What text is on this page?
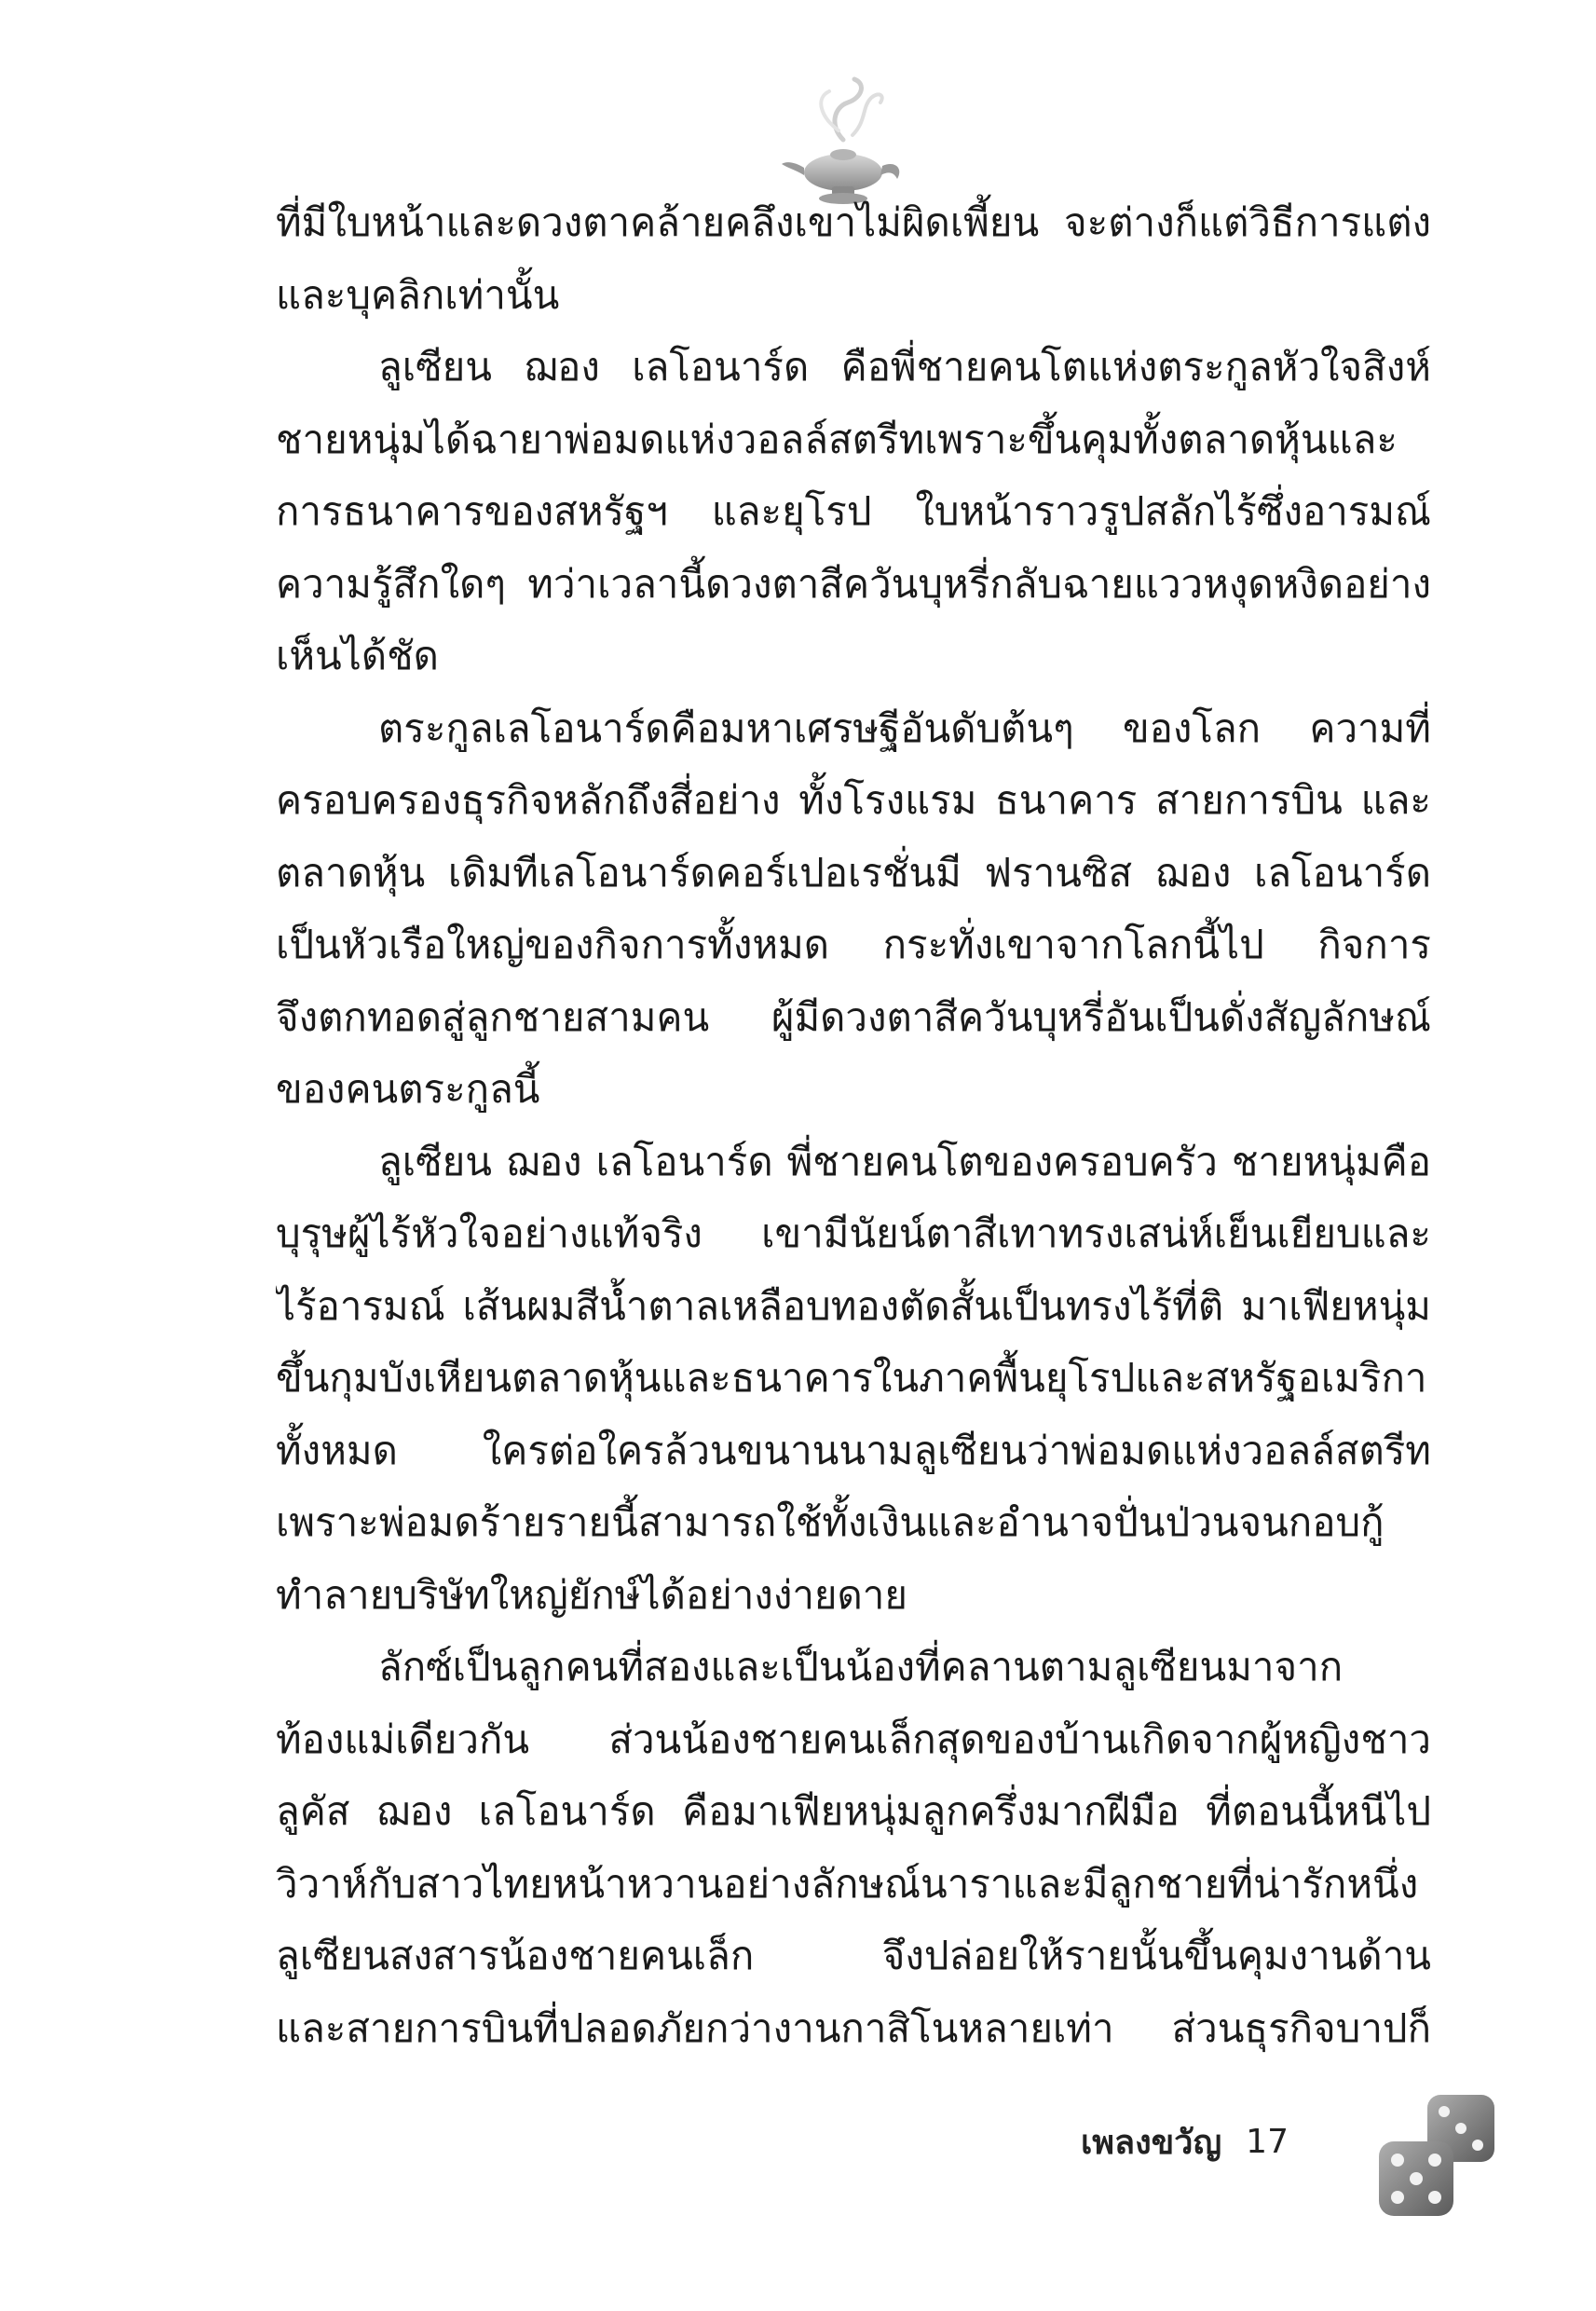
ที่มีใบหน้าและดวงตาคล้ายคลึงเขาไม่ผิดเพี้ยน จะต่างก็แต่วิธีการแต่ง
และบุคลิกเท่านั้น
ลูเซียน ฌอง เลโอนาร์ด คือพี่ชายคนโตแห่งตระกูลหัวใจสิงห์
ชายหนุ่มได้ฉายาพ่อมดแห่งวอลล์สตรีทเพราะขึ้นคุมทั้งตลาดหุ้นและ
การธนาคารของสหรัฐฯ และยุโรป ใบหน้าราวรูปสลักไร้ซึ่งอารมณ์
ความรู้สึกใดๆ ทว่าเวลานี้ดวงตาสีควันบุหรี่กลับฉายแววหงุดหงิดอย่าง
เห็นได้ชัด
ตระกูลเลโอนาร์ดคือมหาเศรษฐีอันดับต้นๆ ของโลก ความที่
ครอบครองธุรกิจหลักถึงสี่อย่าง ทั้งโรงแรม ธนาคาร สายการบิน และ
ตลาดหุ้น เดิมทีเลโอนาร์ดคอร์เปอเรชั่นมี ฟรานซิส ฌอง เลโอนาร์ด
เป็นหัวเรือใหญ่ของกิจการทั้งหมด กระทั่งเขาจากโลกนี้ไป กิจการ
จึงตกทอดสู่ลูกชายสามคน ผู้มีดวงตาสีควันบุหรี่อันเป็นดั่งสัญลักษณ์
ของคนตระกูลนี้
ลูเซียน ฌอง เลโอนาร์ด พี่ชายคนโตของครอบครัว ชายหนุ่มคือ
บุรุษผู้ไร้หัวใจอย่างแท้จริง เขามีนัยน์ตาสีเทาทรงเสน่ห์เย็นเยียบและ
ไร้อารมณ์ เส้นผมสีน้ำตาลเหลือบทองตัดสั้นเป็นทรงไร้ที่ติ มาเฟียหนุ่ม
ขึ้นกุมบังเหียนตลาดหุ้นและธนาคารในภาคพื้นยุโรปและสหรัฐอเมริกา
ทั้งหมด ใครต่อใครล้วนขนานนามลูเซียนว่าพ่อมดแห่งวอลล์สตรีท
เพราะพ่อมดร้ายรายนี้สามารถใช้ทั้งเงินและอำนาจปั่นป่วนจนกอบกู้
ทำลายบริษัทใหญ่ยักษ์ได้อย่างง่ายดาย
ลักซ์เป็นลูกคนที่สองและเป็นน้องที่คลานตามลูเซียนมาจาก
ท้องแม่เดียวกัน ส่วนน้องชายคนเล็กสุดของบ้านเกิดจากผู้หญิงชาว
ลูคัส ฌอง เลโอนาร์ด คือมาเฟียหนุ่มลูกครึ่งมากฝีมือ ที่ตอนนี้หนีไป
วิวาห์กับสาวไทยหน้าหวานอย่างลักษณ์นาราและมีลูกชายที่น่ารักหนึ่ง
ลูเซียนสงสารน้องชายคนเล็ก จึงปล่อยให้รายนั้นขึ้นคุมงานด้าน
และสายการบินที่ปลอดภัยกว่างานกาสิโนหลายเท่า ส่วนธุรกิจบาปก็
เพลงขวัญ 17
